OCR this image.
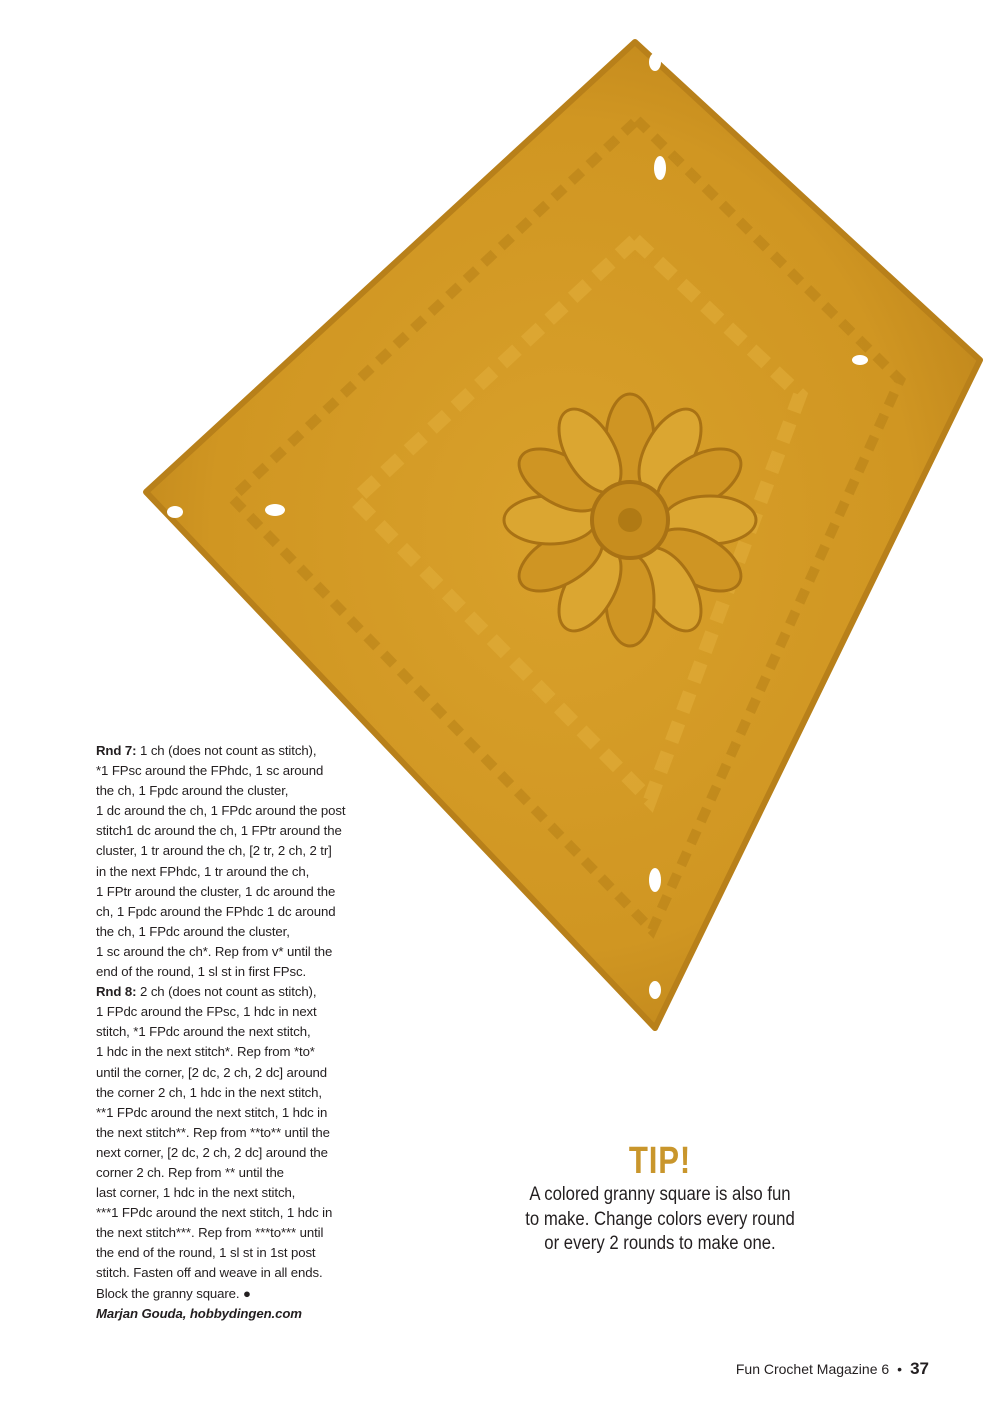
Rnd 7: 1 ch (does not count as stitch),

*1 FPsc around the FPhdc, 1 sc around

the ch, 1 Fpdc around the cluster,

1 dc around the ch, 1 FPdc around the post

stitch1 dc around the ch, 1 FPtr around the

cluster, 1 tr around the ch, [2 tr, 2 ch, 2 tr]

in the next FPhdc, 1 tr around the ch,

1 FPtr around the cluster, 1 dc around the

ch, 1 Fpdc around the FPhdc 1 dc around

the ch, 1 FPdc around the cluster,

1 sc around the ch*. Rep from v* until the

end of the round, 1 sl st in first FPsc.

Rnd 8: 2 ch (does not count as stitch),

1 FPdc around the FPsc, 1 hdc in next

stitch, *1 FPdc around the next stitch,

1 hdc in the next stitch*. Rep from *to*

until the corner, [2 dc, 2 ch, 2 dc] around

the corner 2 ch, 1 hdc in the next stitch,

**1 FPdc around the next stitch, 1 hdc in

the next stitch**. Rep from **to** until the

next corner, [2 dc, 2 ch, 2 dc] around the

corner 2 ch. Rep from ** until the

last corner, 1 hdc in the next stitch,

***1 FPdc around the next stitch, 1 hdc in

the next stitch***. Rep from ***to*** until

the end of the round, 1 sl st in 1st post

stitch. Fasten off and weave in all ends.

Block the granny square. ●

Marjan Gouda, hobbydingen.com

TIP!
A colored granny square is also fun
to make. Change colors every round
or every 2 rounds to make one.
Fun Crochet Magazine 6 • 37
